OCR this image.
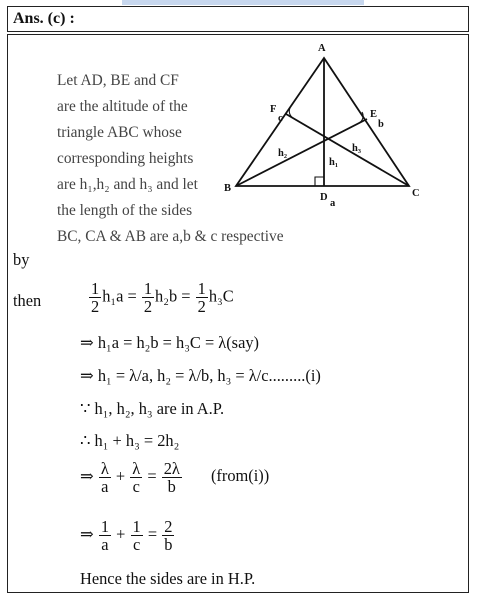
Ans. (c) :
Let AD, BE and CF
are the altitude of the
triangle ABC whose
corresponding heights
are h₁,h₂ and h₃ and let
the length of the sides
BC, CA & AB are a,b & c respective
A
B	C
D
a
E
b
F
c
h₁
h₂	h₃
by
then	$\frac{1}{2} h_1a = \frac{1}{2} h_2b = \frac{1}{2} h_3C$
⇒ h₁a = h₂b = h₃C = λ(say)
⇒ h₁ = λ/a, h₂ = λ/b, h₃ = λ/c.........(i)
∵ h₁, h₂, h₃ are in A.P.
∴ h₁ + h₃ = 2h₂
⇒ $\frac{\lambda}{a} + \frac{\lambda}{c} = \frac{2\lambda}{b}$ (from(i))
⇒ $\frac{1}{a} + \frac{1}{c} = \frac{2}{b}$
Hence the sides are in H.P.
